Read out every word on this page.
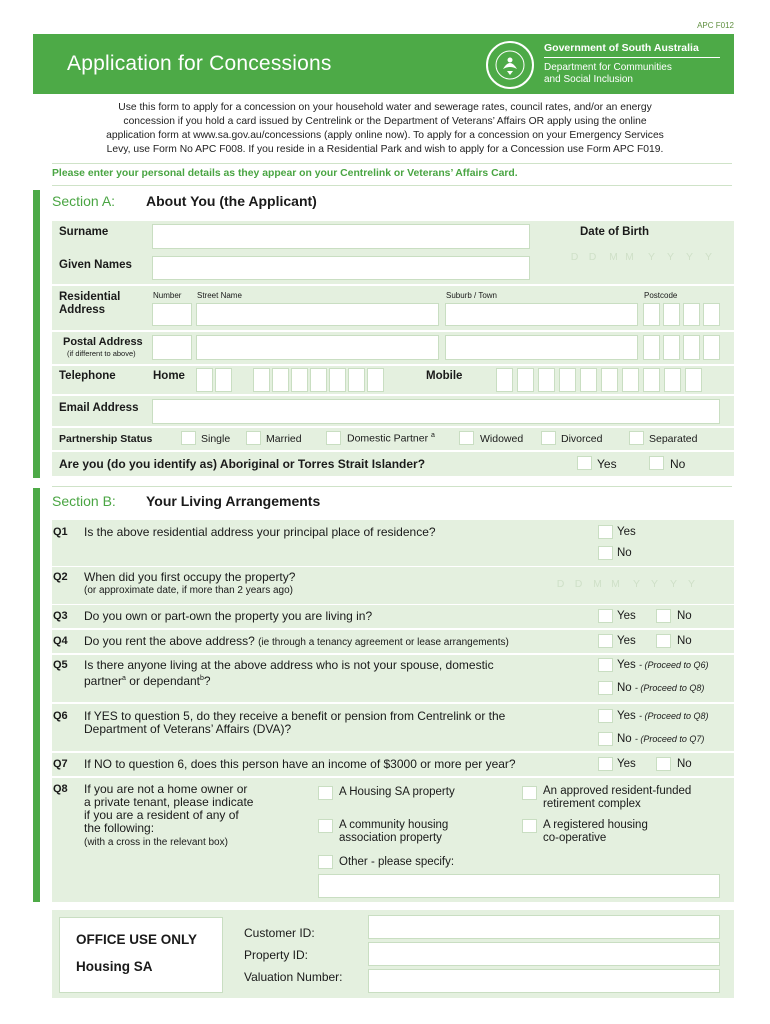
APC F012
Application for Concessions
Government of South Australia
Department for Communities
and Social Inclusion
Use this form to apply for a concession on your household water and sewerage rates, council rates, and/or an energy
concession if you hold a card issued by Centrelink or the Department of Veterans’ Affairs OR apply using the online
application form at www.sa.gov.au/concessions (apply online now). To apply for a concession on your Emergency Services
Levy, use Form No APC F008. If you reside in a Residential Park and wish to apply for a Concession use Form APC F019.
Please enter your personal details as they appear on your Centrelink or Veterans’ Affairs Card.
Section A: About You (the Applicant)
Surname	Date of Birth
D D	M M	Y	Y	Y	Y
Given Names
Residential
Address
Number Street Name	Suburb / Town	Postcode
Postal Address
(if different to above)
Telephone	Home	Mobile
Email Address
Partnership Status	Single	Married	Domestic Partner $^a$	Widowed	Divorced	Separated
Are you (do you identify as) Aboriginal or Torres Strait Islander?	Yes	No
Section B: Your Living Arrangements
Q1 Is the above residential address your principal place of residence?	Yes
No
Q2 When did you first occupy the property?
(or approximate date, if more than 2 years ago)
D D	M M	Y	Y	Y	Y
Q3 Do you own or part-own the property you are living in?	Yes	No
Q4 Do you rent the above address? (ie through a tenancy agreement or lease arrangements)	Yes	No
Q5 Is there anyone living at the above address who is not your spouse, domestic
partner$^a$ or dependant$^b$?
Yes - (Proceed to Q6)
No - (Proceed to Q8)
Q6 If YES to question 5, do they receive a benefit or pension from Centrelink or the
Department of Veterans’ Affairs (DVA)?
Yes - (Proceed to Q8)
No - (Proceed to Q7)
Q7 If NO to question 6, does this person have an income of $3000 or more per year?	Yes	No
Q8 If you are not a home owner or
a private tenant, please indicate
if you are a resident of any of
the following:
(with a cross in the relevant box)
A Housing SA property	An approved resident-funded
retirement complex
A community housing
association property
A registered housing
co-operative
Other - please specify:
OFFICE USE ONLY
Housing SA
Customer ID:
Property ID:
Valuation Number:
